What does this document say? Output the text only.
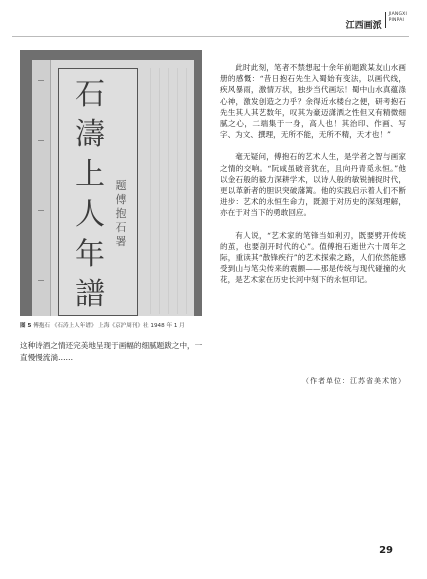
江西画派
JIANGXI
PINPAI
石
濤
上
人
年
譜
题
傅
抱
石
署
图 5 傅抱石 《石涛上人年谱》 上海《京沪周刊》社 1948 年 1 月
这种诗酒之情还完美地呈现于画幅的细腻题跋之中，一直慢慢流淌……

此时此刻，笔者不禁想起十余年前题跋某友山水画册的感慨：“昔日抱石先生入蜀始有变法，以画代线，疾风暴雨，激情万状，独步当代画坛！蜀中山水真蕴涤心神，激发创造之力乎？余得近水楼台之便，研考抱石先生其人其艺数年，叹其为豪迈潇洒之性但又有精微细腻之心，二端集于一身，高人也！其治印、作画、写字、为文、撰理，无所不能，无所不精，天才也！”

毫无疑问，傅抱石的艺术人生，是学者之智与画家之情的交响。“阮咸虽破音犹在，且向丹青觅永恒。”他以金石般的毅力深耕学术，以诗人般的敏锐捕捉时代，更以革新者的胆识突破藩篱。他的实践启示着人们不断进步：艺术的永恒生命力，既源于对历史的深刻理解，亦在于对当下的勇敢回应。

有人说，“艺术家的笔锋当如利刃，既要劈开传统的茧，也要剖开时代的心”。值傅抱石逝世六十周年之际，重读其“散锋疾行”的艺术探索之路，人们依然能感受到山与笔尖传来的震颤——那是传统与现代碰撞的火花，是艺术家在历史长河中刻下的永恒印记。

（作者单位：江苏省美术馆）
29
